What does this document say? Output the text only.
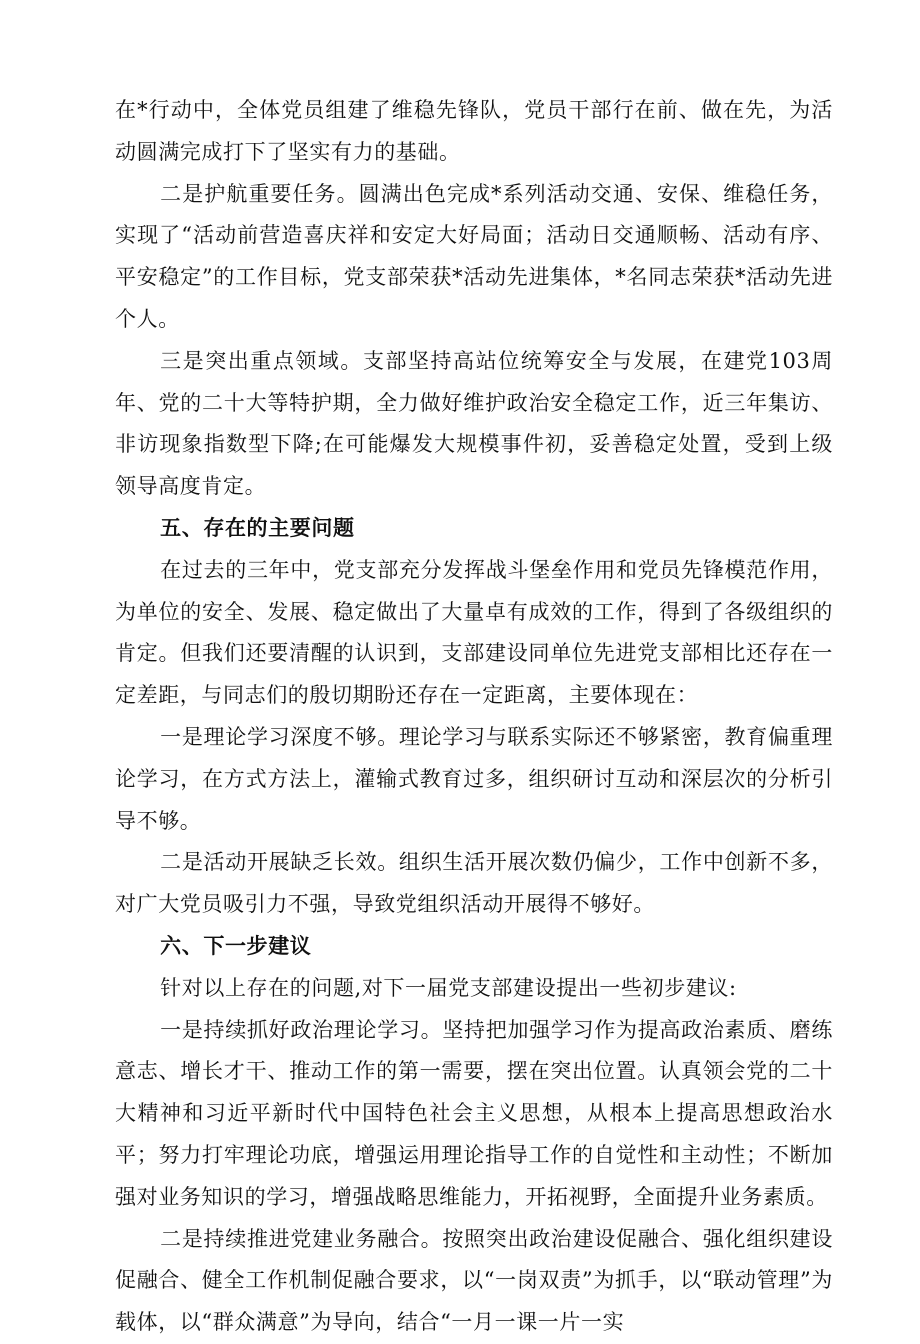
在*行动中，全体党员组建了维稳先锋队，党员干部行在前、做在先，为活动圆满完成打下了坚实有力的基础。

二是护航重要任务。圆满出色完成*系列活动交通、安保、维稳任务，实现了“活动前营造喜庆祥和安定大好局面；活动日交通顺畅、活动有序、平安稳定”的工作目标，党支部荣获*活动先进集体，*名同志荣获*活动先进个人。

三是突出重点领域。支部坚持高站位统筹安全与发展，在建党103周年、党的二十大等特护期，全力做好维护政治安全稳定工作，近三年集访、非访现象指数型下降;在可能爆发大规模事件初，妥善稳定处置，受到上级领导高度肯定。

五、存在的主要问题

在过去的三年中，党支部充分发挥战斗堡垒作用和党员先锋模范作用，为单位的安全、发展、稳定做出了大量卓有成效的工作，得到了各级组织的肯定。但我们还要清醒的认识到，支部建设同单位先进党支部相比还存在一定差距，与同志们的殷切期盼还存在一定距离，主要体现在：

一是理论学习深度不够。理论学习与联系实际还不够紧密，教育偏重理论学习，在方式方法上，灌输式教育过多，组织研讨互动和深层次的分析引导不够。

二是活动开展缺乏长效。组织生活开展次数仍偏少，工作中创新不多，对广大党员吸引力不强，导致党组织活动开展得不够好。

六、下一步建议

针对以上存在的问题,对下一届党支部建设提出一些初步建议:

一是持续抓好政治理论学习。坚持把加强学习作为提高政治素质、磨练意志、增长才干、推动工作的第一需要，摆在突出位置。认真领会党的二十大精神和习近平新时代中国特色社会主义思想，从根本上提高思想政治水平；努力打牢理论功底，增强运用理论指导工作的自觉性和主动性；不断加强对业务知识的学习，增强战略思维能力，开拓视野，全面提升业务素质。

二是持续推进党建业务融合。按照突出政治建设促融合、强化组织建设促融合、健全工作机制促融合要求，以“一岗双责”为抓手，以“联动管理”为载体，以“群众满意”为导向，结合“一月一课一片一实
